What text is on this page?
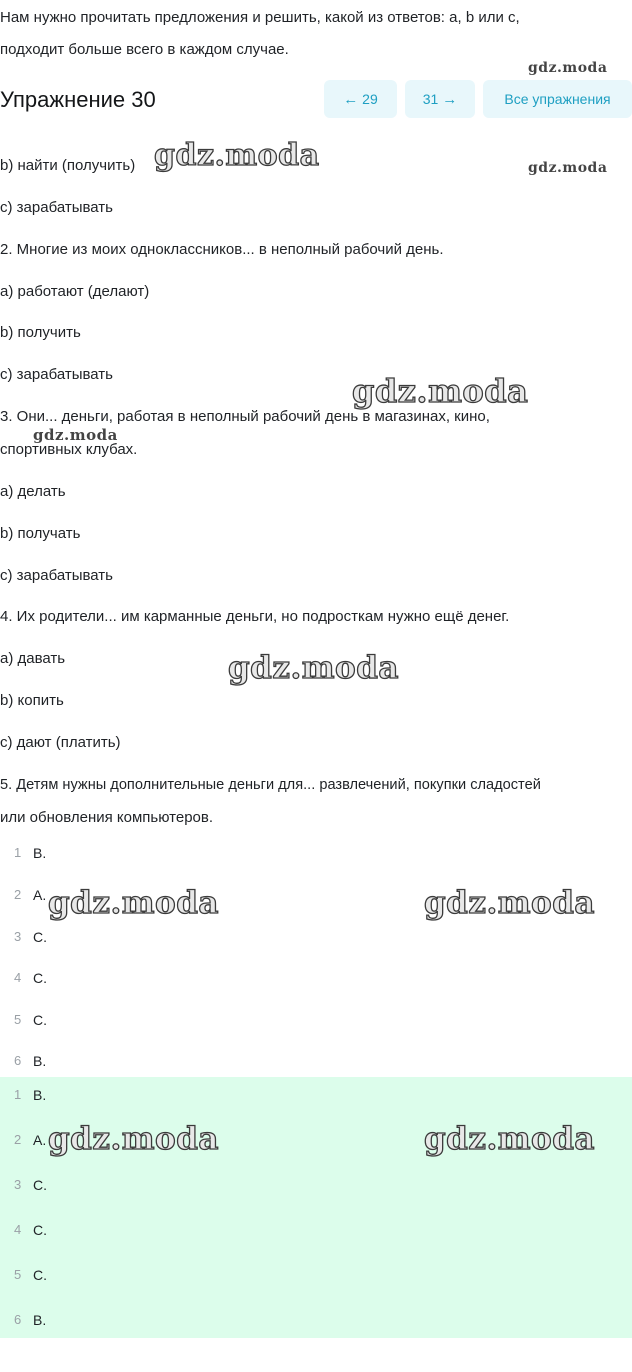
Нам нужно прочитать предложения и решить, какой из ответов: a, b или c,
подходит больше всего в каждом случае.
Упражнение 30	← 29	31 →	Все упражнения
b) найти (получить)
c) зарабатывать
2. Многие из моих одноклассников... в неполный рабочий день.
a) работают (делают)
b) получить
c) зарабатывать
3. Они... деньги, работая в неполный рабочий день в магазинах, кино,
спортивных клубах.
a) делать
b) получать
c) зарабатывать
4. Их родители... им карманные деньги, но подросткам нужно ещё денег.
a) давать
b) копить
c) дают (платить)
5. Детям нужны дополнительные деньги для... развлечений, покупки сладостей
или обновления компьютеров.
1 B.
2 A.
3 C.
4 C.
5 C.
6 B.
1 B.
2 A.
3 C.
4 C.
5 C.
6 B.
gdz.moda
gdz.moda	gdz.moda
gdz.moda
gdz.moda
gdz.moda
gdz.moda	gdz.moda
gdz.moda	gdz.moda
